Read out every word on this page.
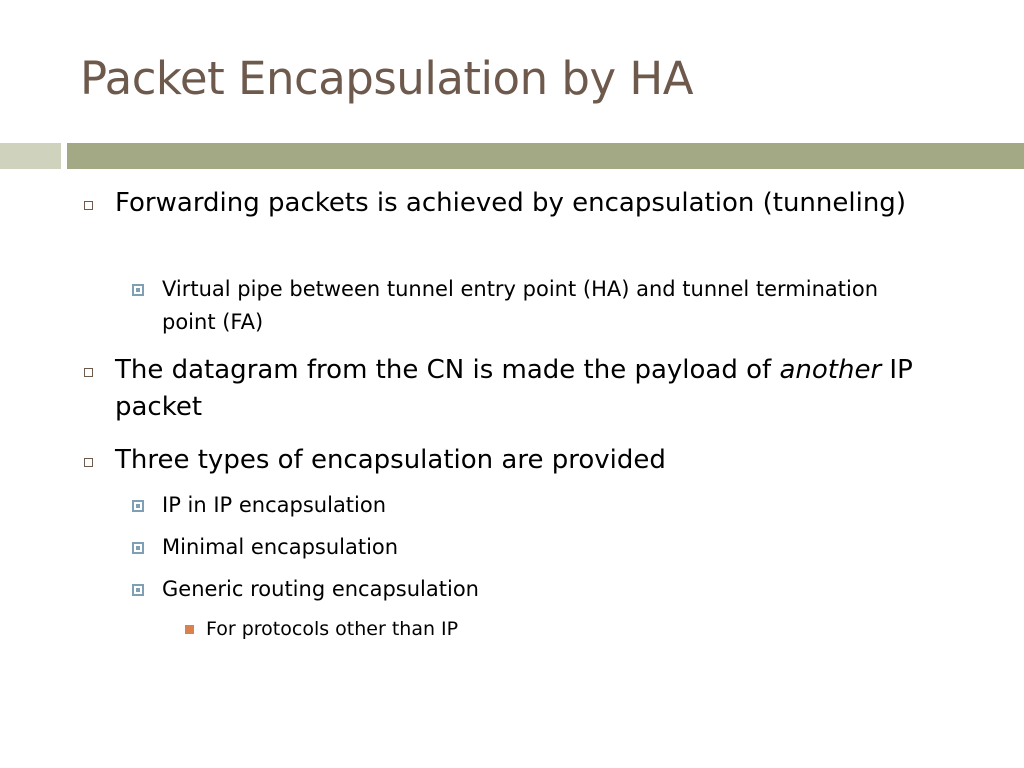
Packet Encapsulation by HA
Forwarding packets is achieved by encapsulation (tunneling)
Virtual pipe between tunnel entry point (HA) and tunnel termination point (FA)
The datagram from the CN is made the payload of another IP packet
Three types of encapsulation are provided
IP in IP encapsulation
Minimal encapsulation
Generic routing encapsulation
For protocols other than IP
